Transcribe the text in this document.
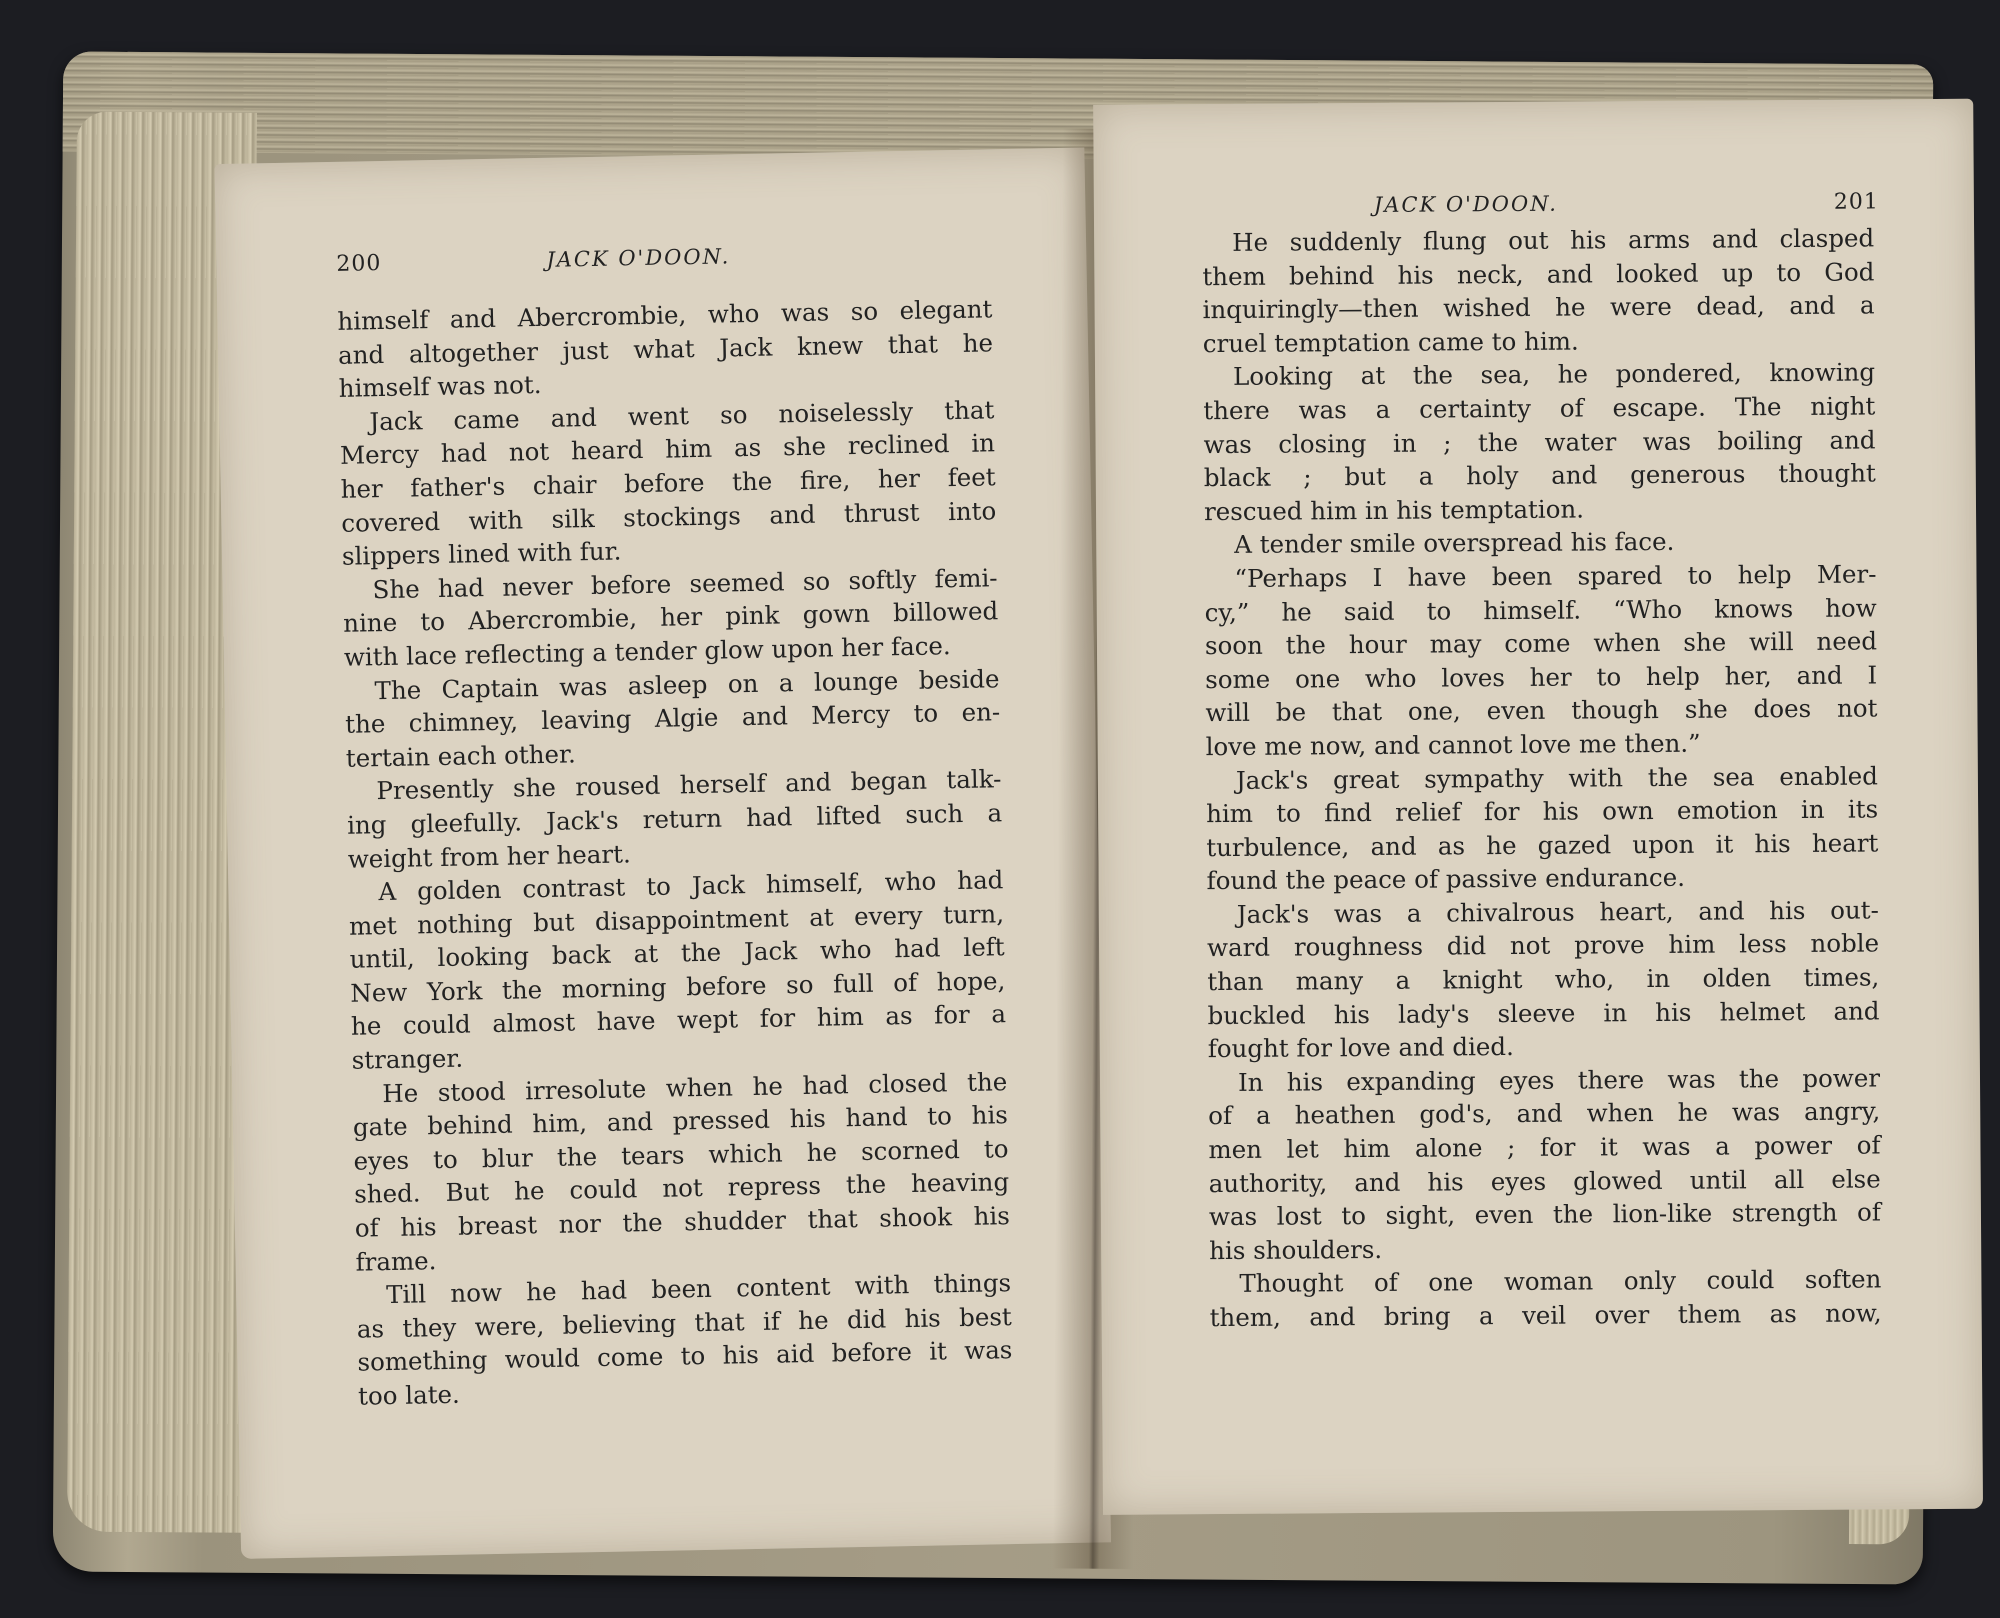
200	JACK O'DOON.
himself and Abercrombie, who was so elegant
and altogether just what Jack knew that he
himself was not.
Jack came and went so noiselessly that
Mercy had not heard him as she reclined in
her father's chair before the fire, her feet
covered with silk stockings and thrust into
slippers lined with fur.
She had never before seemed so softly femi-
nine to Abercrombie, her pink gown billowed
with lace reflecting a tender glow upon her face.
The Captain was asleep on a lounge beside
the chimney, leaving Algie and Mercy to en-
tertain each other.
Presently she roused herself and began talk-
ing gleefully. Jack's return had lifted such a
weight from her heart.
A golden contrast to Jack himself, who had
met nothing but disappointment at every turn,
until, looking back at the Jack who had left
New York the morning before so full of hope,
he could almost have wept for him as for a
stranger.
He stood irresolute when he had closed the
gate behind him, and pressed his hand to his
eyes to blur the tears which he scorned to
shed. But he could not repress the heaving
of his breast nor the shudder that shook his
frame.
Till now he had been content with things
as they were, believing that if he did his best
something would come to his aid before it was
too late.
JACK O'DOON.	201
He suddenly flung out his arms and clasped
them behind his neck, and looked up to God
inquiringly—then wished he were dead, and a
cruel temptation came to him.
Looking at the sea, he pondered, knowing
there was a certainty of escape. The night
was closing in ; the water was boiling and
black ; but a holy and generous thought
rescued him in his temptation.
A tender smile overspread his face.
“Perhaps I have been spared to help Mer-
cy,” he said to himself. “Who knows how
soon the hour may come when she will need
some one who loves her to help her, and I
will be that one, even though she does not
love me now, and cannot love me then.”
Jack's great sympathy with the sea enabled
him to find relief for his own emotion in its
turbulence, and as he gazed upon it his heart
found the peace of passive endurance.
Jack's was a chivalrous heart, and his out-
ward roughness did not prove him less noble
than many a knight who, in olden times,
buckled his lady's sleeve in his helmet and
fought for love and died.
In his expanding eyes there was the power
of a heathen god's, and when he was angry,
men let him alone ; for it was a power of
authority, and his eyes glowed until all else
was lost to sight, even the lion-like strength of
his shoulders.
Thought of one woman only could soften
them, and bring a veil over them as now,
